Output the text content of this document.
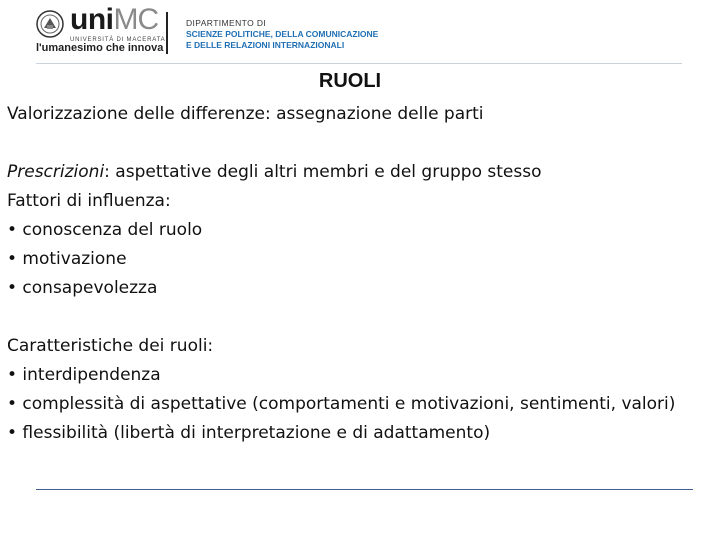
uniMC
UNIVERSITÀ DI MACERATA
l'umanesimo che innova
DIPARTIMENTO DI
SCIENZE POLITICHE, DELLA COMUNICAZIONE
E DELLE RELAZIONI INTERNAZIONALI
RUOLI

Valorizzazione delle differenze: assegnazione delle parti

Prescrizioni: aspettative degli altri membri e del gruppo stesso

Fattori di influenza:

• conoscenza del ruolo

• motivazione

• consapevolezza

Caratteristiche dei ruoli:

• interdipendenza

• complessità di aspettative (comportamenti e motivazioni, sentimenti, valori)

• flessibilità (libertà di interpretazione e di adattamento)
